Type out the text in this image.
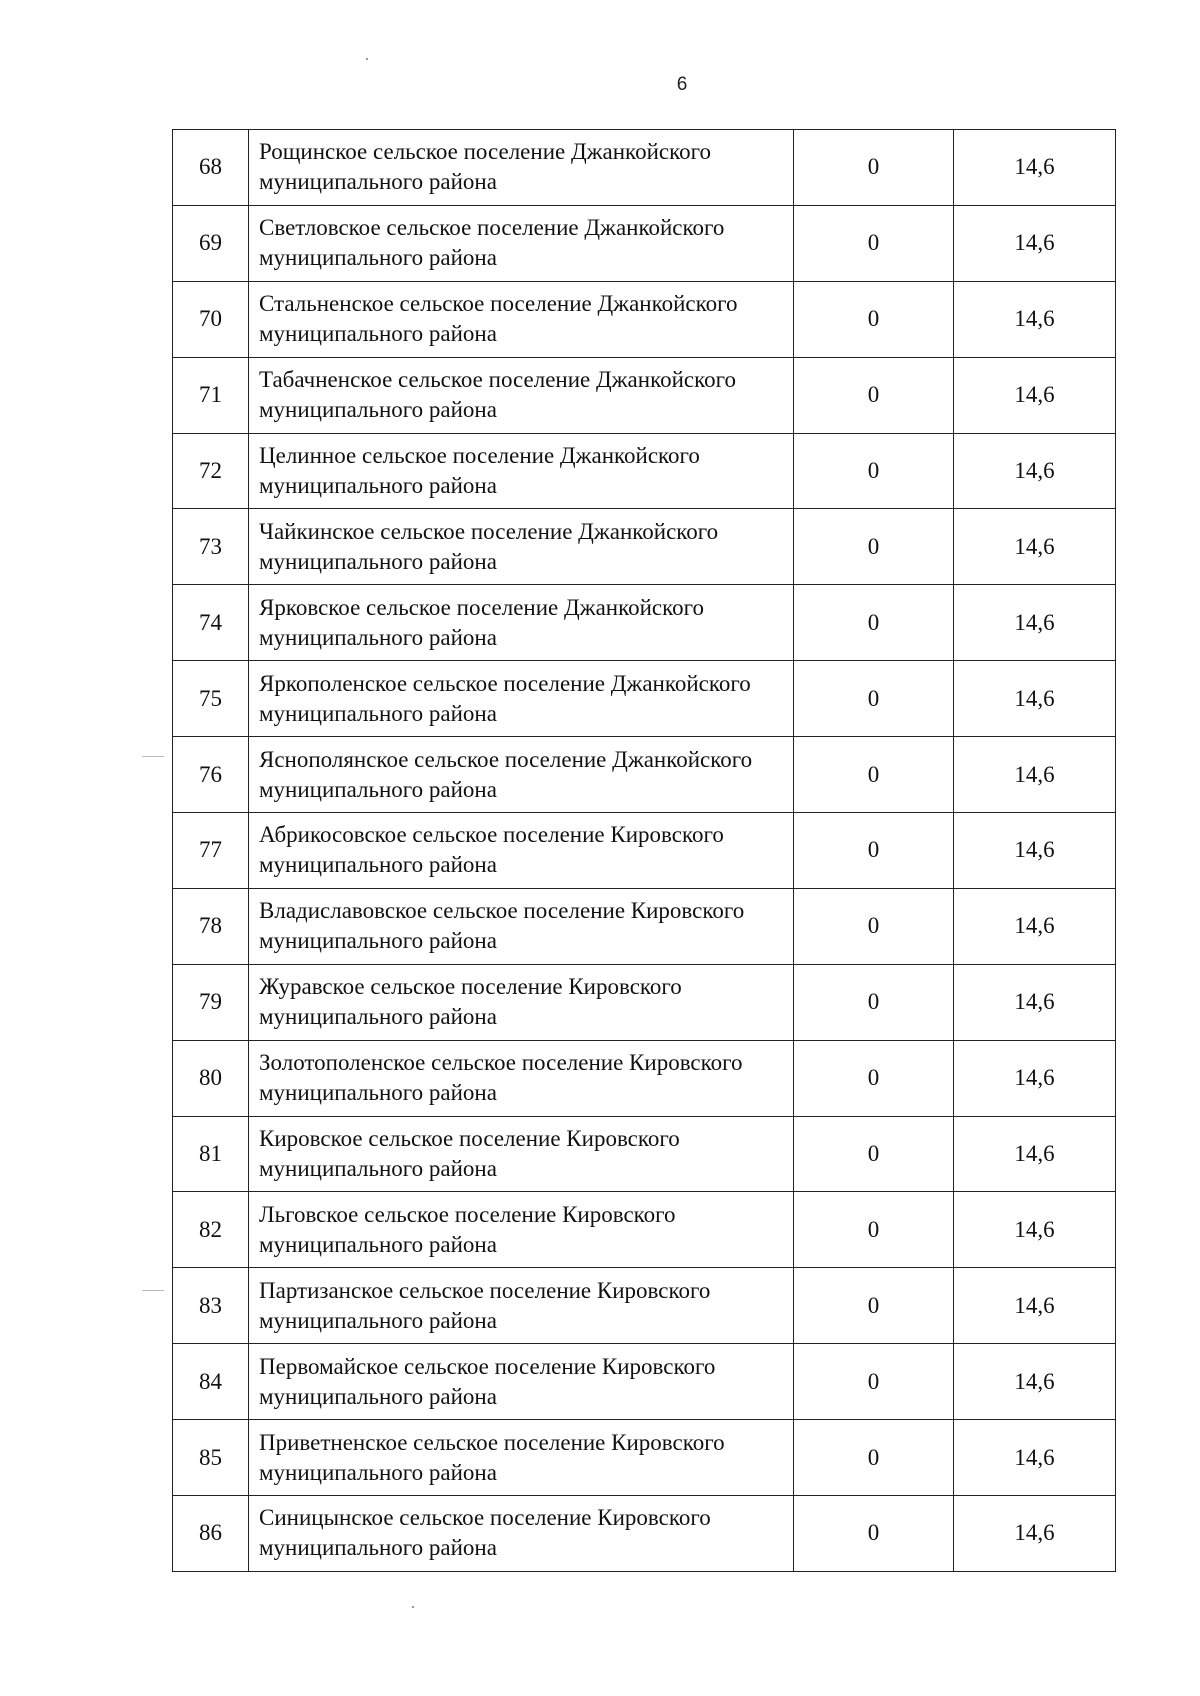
6
68	Рощинское сельское поселение Джанкойского муниципального района	0	14,6
69	Светловское сельское поселение Джанкойского муниципального района	0	14,6
70	Стальненское сельское поселение Джанкойского муниципального района	0	14,6
71	Табачненское сельское поселение Джанкойского муниципального района	0	14,6
72	Целинное сельское поселение Джанкойского муниципального района	0	14,6
73	Чайкинское сельское поселение Джанкойского муниципального района	0	14,6
74	Ярковское сельское поселение Джанкойского муниципального района	0	14,6
75	Яркополенское сельское поселение Джанкойского муниципального района	0	14,6
76	Яснополянское сельское поселение Джанкойского муниципального района	0	14,6
77	Абрикосовское сельское поселение Кировского муниципального района	0	14,6
78	Владиславовское сельское поселение Кировского муниципального района	0	14,6
79	Журавское сельское поселение Кировского муниципального района	0	14,6
80	Золотополенское сельское поселение Кировского муниципального района	0	14,6
81	Кировское сельское поселение Кировского муниципального района	0	14,6
82	Льговское сельское поселение Кировского муниципального района	0	14,6
83	Партизанское сельское поселение Кировского муниципального района	0	14,6
84	Первомайское сельское поселение Кировского муниципального района	0	14,6
85	Приветненское сельское поселение Кировского муниципального района	0	14,6
86	Синицынское сельское поселение Кировского муниципального района	0	14,6
